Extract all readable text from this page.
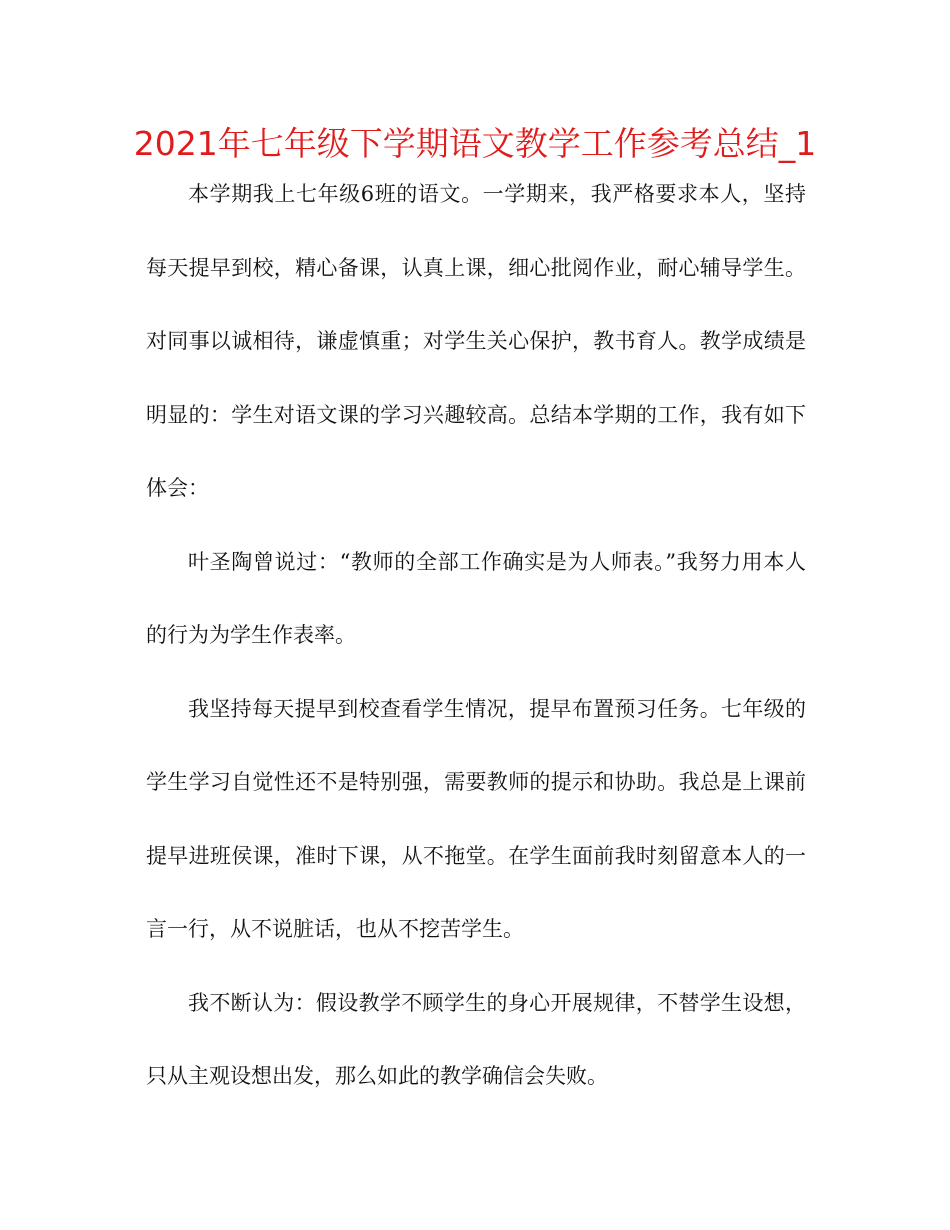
2021年七年级下学期语文教学工作参考总结_1

本学期我上七年级6班的语文。一学期来，我严格要求本人，坚持每天提早到校，精心备课，认真上课，细心批阅作业，耐心辅导学生。对同事以诚相待，谦虚慎重；对学生关心保护，教书育人。教学成绩是明显的：学生对语文课的学习兴趣较高。总结本学期的工作，我有如下体会：

叶圣陶曾说过：“教师的全部工作确实是为人师表。”我努力用本人的行为为学生作表率。

我坚持每天提早到校查看学生情况，提早布置预习任务。七年级的学生学习自觉性还不是特别强，需要教师的提示和协助。我总是上课前提早进班侯课，准时下课，从不拖堂。在学生面前我时刻留意本人的一言一行，从不说脏话，也从不挖苦学生。

我不断认为：假设教学不顾学生的身心开展规律，不替学生设想，只从主观设想出发，那么如此的教学确信会失败。
